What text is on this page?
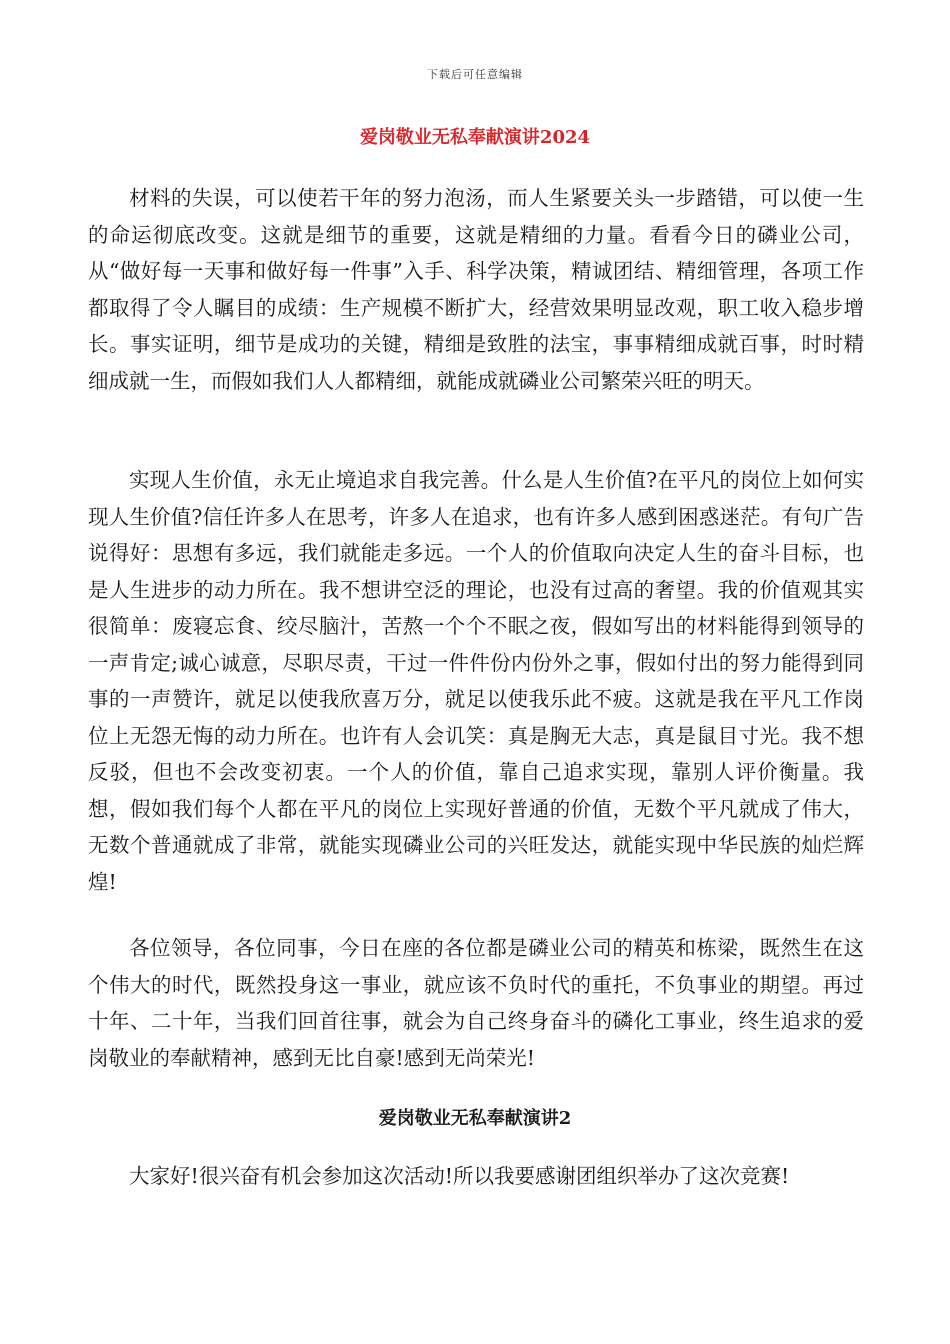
下载后可任意编辑
爱岗敬业无私奉献演讲2024

材料的失误，可以使若干年的努力泡汤，而人生紧要关头一步踏错，可以使一生的命运彻底改变。这就是细节的重要，这就是精细的力量。看看今日的磷业公司，从“做好每一天事和做好每一件事”入手、科学决策，精诚团结、精细管理，各项工作都取得了令人瞩目的成绩：生产规模不断扩大，经营效果明显改观，职工收入稳步增长。事实证明，细节是成功的关键，精细是致胜的法宝，事事精细成就百事，时时精细成就一生，而假如我们人人都精细，就能成就磷业公司繁荣兴旺的明天。

实现人生价值，永无止境追求自我完善。什么是人生价值?在平凡的岗位上如何实现人生价值?信任许多人在思考，许多人在追求，也有许多人感到困惑迷茫。有句广告说得好：思想有多远，我们就能走多远。一个人的价值取向决定人生的奋斗目标，也是人生进步的动力所在。我不想讲空泛的理论，也没有过高的奢望。我的价值观其实很简单：废寝忘食、绞尽脑汁，苦熬一个个不眠之夜，假如写出的材料能得到领导的一声肯定;诚心诚意，尽职尽责，干过一件件份内份外之事，假如付出的努力能得到同事的一声赞许，就足以使我欣喜万分，就足以使我乐此不疲。这就是我在平凡工作岗位上无怨无悔的动力所在。也许有人会讥笑：真是胸无大志，真是鼠目寸光。我不想反驳，但也不会改变初衷。一个人的价值，靠自己追求实现，靠别人评价衡量。我想，假如我们每个人都在平凡的岗位上实现好普通的价值，无数个平凡就成了伟大，无数个普通就成了非常，就能实现磷业公司的兴旺发达，就能实现中华民族的灿烂辉煌!

各位领导，各位同事，今日在座的各位都是磷业公司的精英和栋梁，既然生在这个伟大的时代，既然投身这一事业，就应该不负时代的重托，不负事业的期望。再过十年、二十年，当我们回首往事，就会为自己终身奋斗的磷化工事业，终生追求的爱岗敬业的奉献精神，感到无比自豪!感到无尚荣光!

爱岗敬业无私奉献演讲2

大家好!很兴奋有机会参加这次活动!所以我要感谢团组织举办了这次竞赛!
